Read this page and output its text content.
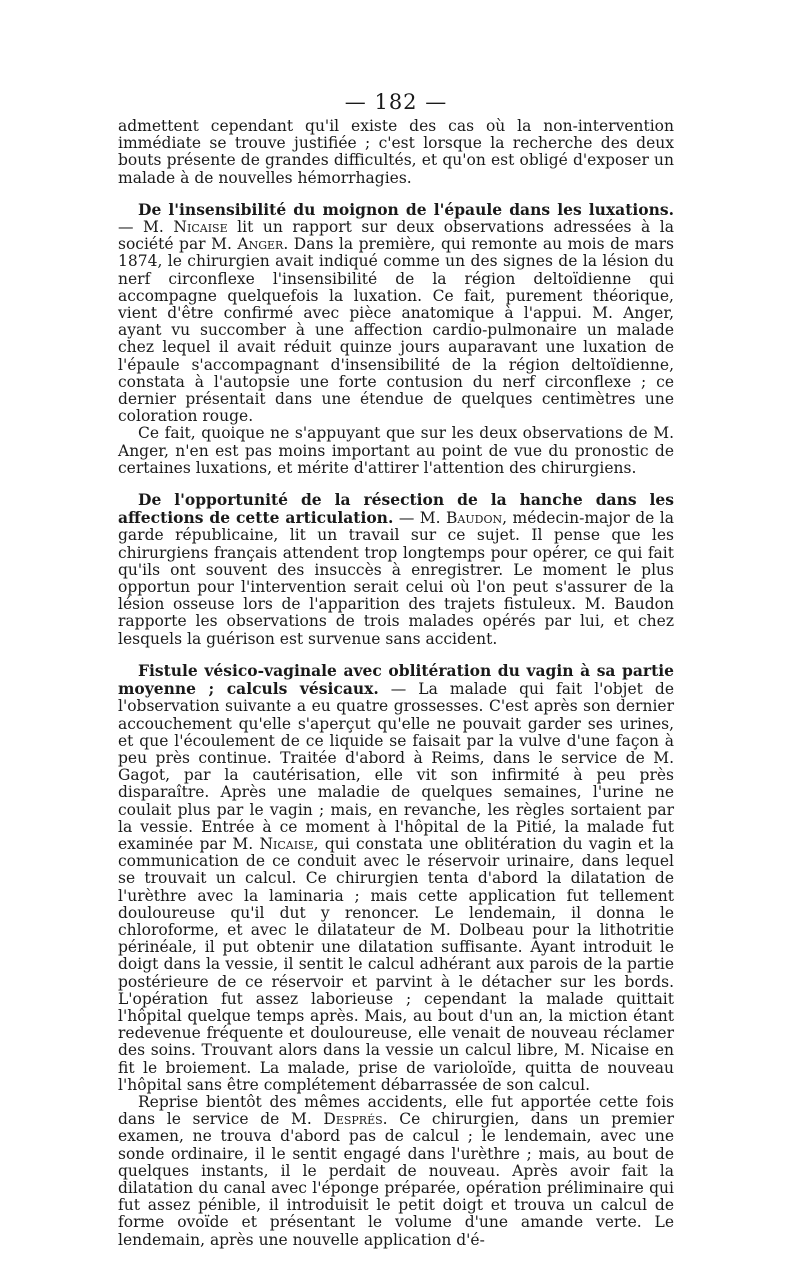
— 182 —

admettent cependant qu'il existe des cas où la non-intervention immédiate se trouve justifiée ; c'est lorsque la recherche des deux bouts présente de grandes difficultés, et qu'on est obligé d'exposer un malade à de nouvelles hémorrhagies.

De l'insensibilité du moignon de l'épaule dans les luxations. — M. Nicaise lit un rapport sur deux observations adressées à la société par M. Anger. Dans la première, qui remonte au mois de mars 1874, le chirurgien avait indiqué comme un des signes de la lésion du nerf circonflexe l'insensibilité de la région deltoïdienne qui accompagne quelquefois la luxation. Ce fait, purement théorique, vient d'être confirmé avec pièce anatomique à l'appui. M. Anger, ayant vu succomber à une affection cardio-pulmonaire un malade chez lequel il avait réduit quinze jours auparavant une luxation de l'épaule s'accompagnant d'insensibilité de la région deltoïdienne, constata à l'autopsie une forte contusion du nerf circonflexe ; ce dernier présentait dans une étendue de quelques centimètres une coloration rouge.

Ce fait, quoique ne s'appuyant que sur les deux observations de M. Anger, n'en est pas moins important au point de vue du pronostic de certaines luxations, et mérite d'attirer l'attention des chirurgiens.

De l'opportunité de la résection de la hanche dans les affections de cette articulation. — M. Baudon, médecin-major de la garde républicaine, lit un travail sur ce sujet. Il pense que les chirurgiens français attendent trop longtemps pour opérer, ce qui fait qu'ils ont souvent des insuccès à enregistrer. Le moment le plus opportun pour l'intervention serait celui où l'on peut s'assurer de la lésion osseuse lors de l'apparition des trajets fistuleux. M. Baudon rapporte les observations de trois malades opérés par lui, et chez lesquels la guérison est survenue sans accident.

Fistule vésico-vaginale avec oblitération du vagin à sa partie moyenne ; calculs vésicaux. — La malade qui fait l'objet de l'observation suivante a eu quatre grossesses. C'est après son dernier accouchement qu'elle s'aperçut qu'elle ne pouvait garder ses urines, et que l'écoulement de ce liquide se faisait par la vulve d'une façon à peu près continue. Traitée d'abord à Reims, dans le service de M. Gagot, par la cautérisation, elle vit son infirmité à peu près disparaître. Après une maladie de quelques semaines, l'urine ne coulait plus par le vagin ; mais, en revanche, les règles sortaient par la vessie. Entrée à ce moment à l'hôpital de la Pitié, la malade fut examinée par M. Nicaise, qui constata une oblitération du vagin et la communication de ce conduit avec le réservoir urinaire, dans lequel se trouvait un calcul. Ce chirurgien tenta d'abord la dilatation de l'urèthre avec la laminaria ; mais cette application fut tellement douloureuse qu'il dut y renoncer. Le lendemain, il donna le chloroforme, et avec le dilatateur de M. Dolbeau pour la lithotritie périnéale, il put obtenir une dilatation suffisante. Ayant introduit le doigt dans la vessie, il sentit le calcul adhérant aux parois de la partie postérieure de ce réservoir et parvint à le détacher sur les bords. L'opération fut assez laborieuse ; cependant la malade quittait l'hôpital quelque temps après. Mais, au bout d'un an, la miction étant redevenue fréquente et douloureuse, elle venait de nouveau réclamer des soins. Trouvant alors dans la vessie un calcul libre, M. Nicaise en fit le broiement. La malade, prise de varioloïde, quitta de nouveau l'hôpital sans être complétement débarrassée de son calcul.

Reprise bientôt des mêmes accidents, elle fut apportée cette fois dans le service de M. Després. Ce chirurgien, dans un premier examen, ne trouva d'abord pas de calcul ; le lendemain, avec une sonde ordinaire, il le sentit engagé dans l'urèthre ; mais, au bout de quelques instants, il le perdait de nouveau. Après avoir fait la dilatation du canal avec l'éponge préparée, opération préliminaire qui fut assez pénible, il introduisit le petit doigt et trouva un calcul de forme ovoïde et présentant le volume d'une amande verte. Le lendemain, après une nouvelle application d'é-
